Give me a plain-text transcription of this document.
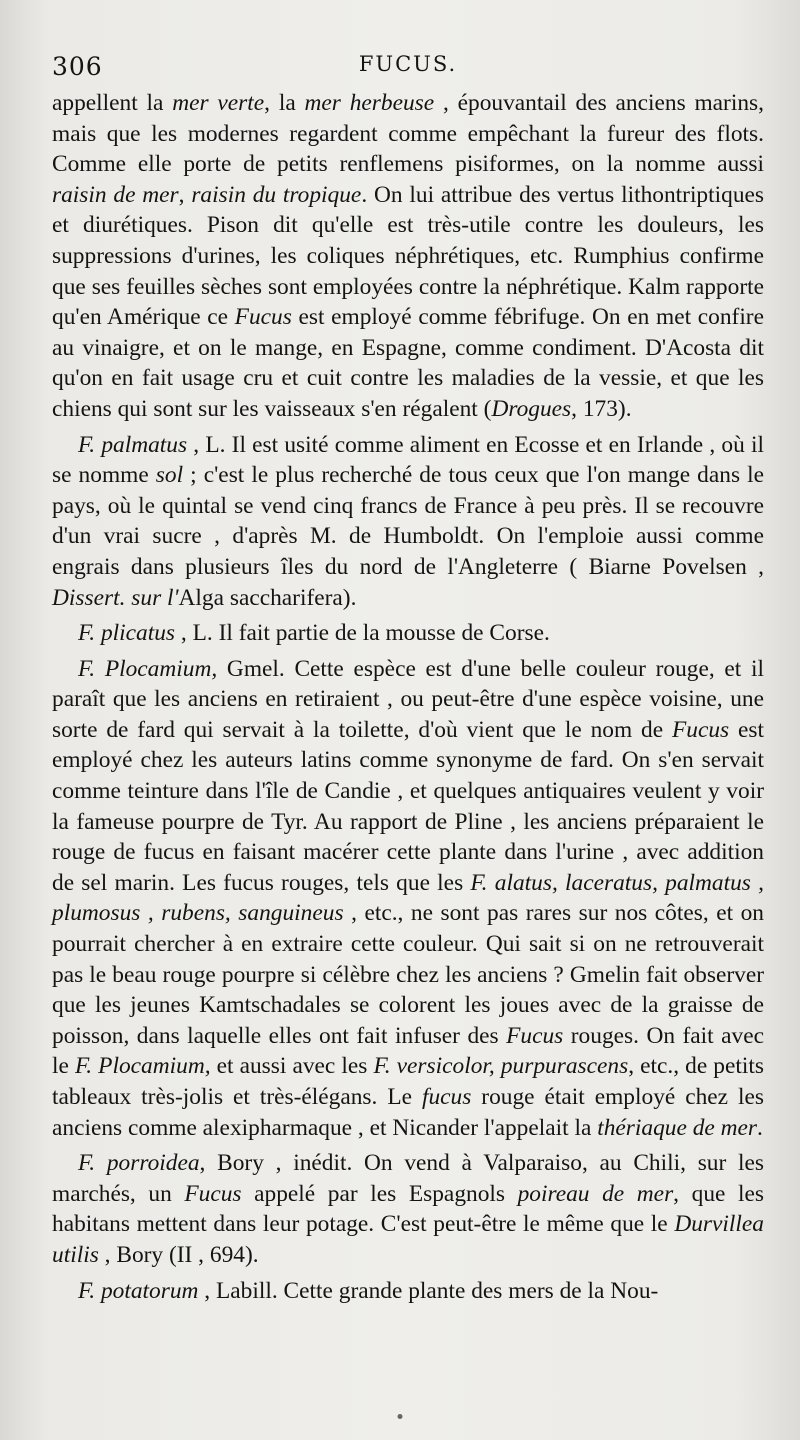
306	FUCUS.

appellent la mer verte, la mer herbeuse , épouvantail des anciens marins, mais que les modernes regardent comme empêchant la fureur des flots. Comme elle porte de petits renflemens pisiformes, on la nomme aussi raisin de mer, raisin du tropique. On lui attribue des vertus lithontriptiques et diurétiques. Pison dit qu'elle est très-utile contre les douleurs, les suppressions d'urines, les coliques néphrétiques, etc. Rumphius confirme que ses feuilles sèches sont employées contre la néphrétique. Kalm rapporte qu'en Amérique ce Fucus est employé comme fébrifuge. On en met confire au vinaigre, et on le mange, en Espagne, comme condiment. D'Acosta dit qu'on en fait usage cru et cuit contre les maladies de la vessie, et que les chiens qui sont sur les vaisseaux s'en régalent (Drogues, 173).

F. palmatus , L. Il est usité comme aliment en Ecosse et en Irlande , où il se nomme sol ; c'est le plus recherché de tous ceux que l'on mange dans le pays, où le quintal se vend cinq francs de France à peu près. Il se recouvre d'un vrai sucre , d'après M. de Humboldt. On l'emploie aussi comme engrais dans plusieurs îles du nord de l'Angleterre ( Biarne Povelsen , Dissert. sur l'Alga saccharifera).

F. plicatus , L. Il fait partie de la mousse de Corse.

F. Plocamium, Gmel. Cette espèce est d'une belle couleur rouge, et il paraît que les anciens en retiraient , ou peut-être d'une espèce voisine, une sorte de fard qui servait à la toilette, d'où vient que le nom de Fucus est employé chez les auteurs latins comme synonyme de fard. On s'en servait comme teinture dans l'île de Candie , et quelques antiquaires veulent y voir la fameuse pourpre de Tyr. Au rapport de Pline , les anciens préparaient le rouge de fucus en faisant macérer cette plante dans l'urine , avec addition de sel marin. Les fucus rouges, tels que les F. alatus, laceratus, palmatus , plumosus , rubens, sanguineus , etc., ne sont pas rares sur nos côtes, et on pourrait chercher à en extraire cette couleur. Qui sait si on ne retrouverait pas le beau rouge pourpre si célèbre chez les anciens ? Gmelin fait observer que les jeunes Kamtschadales se colorent les joues avec de la graisse de poisson, dans laquelle elles ont fait infuser des Fucus rouges. On fait avec le F. Plocamium, et aussi avec les F. versicolor, purpurascens, etc., de petits tableaux très-jolis et très-élégans. Le fucus rouge était employé chez les anciens comme alexipharmaque , et Nicander l'appelait la thériaque de mer.

F. porroidea, Bory , inédit. On vend à Valparaiso, au Chili, sur les marchés, un Fucus appelé par les Espagnols poireau de mer, que les habitans mettent dans leur potage. C'est peut-être le même que le Durvillea utilis , Bory (II , 694).

F. potatorum , Labill. Cette grande plante des mers de la Nou-
